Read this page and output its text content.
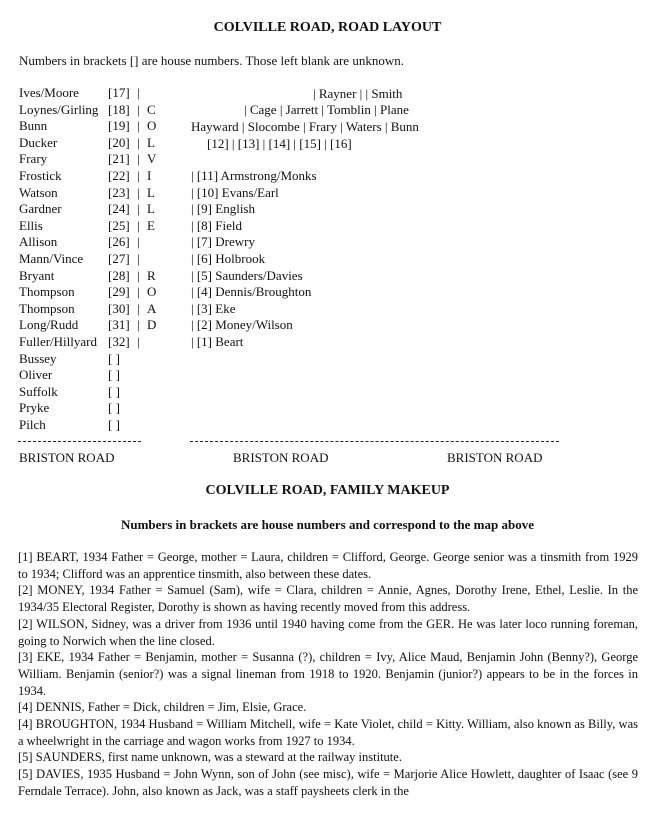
COLVILLE ROAD, ROAD LAYOUT
Numbers in brackets [] are house numbers. Those left blank are unknown.
Ives/Moore [17] |
Loynes/Girling [18] | C
Bunn	[19] | O
Ducker	[20] | L
Frary	[21] | V
Frostick	[22] | I
Watson	[23] | L
Gardner	[24] | L
Ellis	[25] | E
Allison	[26] |
Mann/Vince [27] |
Bryant	[28] | R
Thompson	[29] | O
Thompson	[30] | A
Long/Rudd [31] | D
Fuller/Hillyard [32] |
Bussey	[ ]
Oliver	[ ]
Suffolk	[ ]
Pryke	[ ]
Pilch	[ ]
| Rayner | | Smith
| Cage | Jarrett | Tomblin | Plane
Hayward | Slocombe | Frary | Waters | Bunn
[12] | [13] | [14] | [15] | [16]
| [11] Armstrong/Monks
| [10] Evans/Earl
| [9] English
| [8] Field
| [7] Drewry
| [6] Holbrook
| [5] Saunders/Davies
| [4] Dennis/Broughton
| [3] Eke
| [2] Money/Wilson
| [1] Beart
BRISTON ROAD	BRISTON ROAD	BRISTON ROAD
COLVILLE ROAD, FAMILY MAKEUP
Numbers in brackets are house numbers and correspond to the map above

[1] BEART, 1934 Father = George, mother = Laura, children = Clifford, George. George senior was a tinsmith from 1929 to 1934; Clifford was an apprentice tinsmith, also between these dates.

[2] MONEY, 1934 Father = Samuel (Sam), wife = Clara, children = Annie, Agnes, Dorothy Irene, Ethel, Leslie. In the 1934/35 Electoral Register, Dorothy is shown as having recently moved from this address.

[2] WILSON, Sidney, was a driver from 1936 until 1940 having come from the GER. He was later loco running foreman, going to Norwich when the line closed.

[3] EKE, 1934 Father = Benjamin, mother = Susanna (?), children = Ivy, Alice Maud, Benjamin John (Benny?), George William. Benjamin (senior?) was a signal lineman from 1918 to 1920. Benjamin (junior?) appears to be in the forces in 1934.

[4] DENNIS, Father = Dick, children = Jim, Elsie, Grace.

[4] BROUGHTON, 1934 Husband = William Mitchell, wife = Kate Violet, child = Kitty. William, also known as Billy, was a wheelwright in the carriage and wagon works from 1927 to 1934.

[5] SAUNDERS, first name unknown, was a steward at the railway institute.

[5] DAVIES, 1935 Husband = John Wynn, son of John (see misc), wife = Marjorie Alice Howlett, daughter of Isaac (see 9 Ferndale Terrace). John, also known as Jack, was a staff paysheets clerk in the
